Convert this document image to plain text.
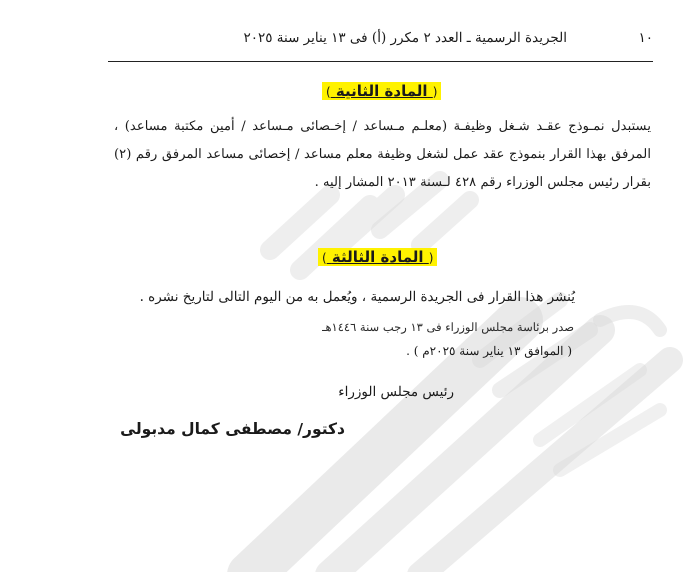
١٠
الجريدة الرسمية ـ العدد ٢ مكرر (أ) فى ١٣ يناير سنة ٢٠٢٥
( المادة الثانية )
يستبدل نمـوذج عقـد شـغل وظيفـة (معلـم مـساعد / إخـصائى مـساعد / أمين مكتبة مساعد) ، المرفق بهذا القرار بنموذج عقد عمل لشغل وظيفة معلم مساعد / إخصائى مساعد المرفق رقم (٢) بقرار رئيس مجلس الوزراء رقم ٤٢٨ لـسنة ٢٠١٣ المشار إليه .
( المادة الثالثة )
يُنشر هذا القرار فى الجريدة الرسمية ، ويُعمل به من اليوم التالى لتاريخ نشره .
صدر برئاسة مجلس الوزراء فى ١٣ رجب سنة ١٤٤٦هـ
( الموافق ١٣ يناير سنة ٢٠٢٥م ) .
رئيس مجلس الوزراء
دكتور/ مصطفى كمال مدبولى
